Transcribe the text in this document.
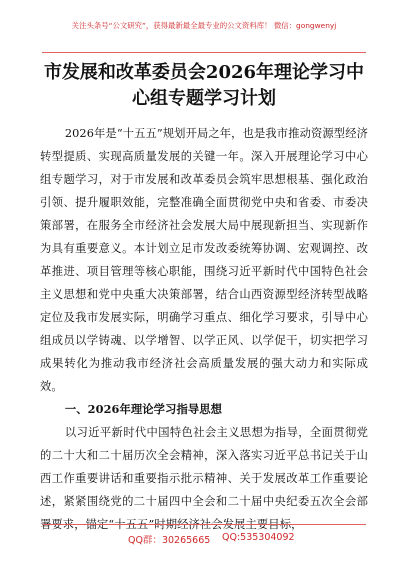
关注头条号“公文研究”，获得最新最全最专业的公文资料库！ 微信：gongwenyj
市发展和改革委员会2026年理论学习中
心组专题学习计划

2026年是“十五五”规划开局之年，也是我市推动资源型经济转型提质、实现高质量发展的关键一年。深入开展理论学习中心组专题学习，对于市发展和改革委员会筑牢思想根基、强化政治引领、提升履职效能，完整准确全面贯彻党中央和省委、市委决策部署，在服务全市经济社会发展大局中展现新担当、实现新作为具有重要意义。本计划立足市发改委统筹协调、宏观调控、改革推进、项目管理等核心职能，围绕习近平新时代中国特色社会主义思想和党中央重大决策部署，结合山西资源型经济转型战略定位及我市发展实际，明确学习重点、细化学习要求，引导中心组成员以学铸魂、以学增智、以学正风、以学促干，切实把学习成果转化为推动我市经济社会高质量发展的强大动力和实际成效。

一、2026年理论学习指导思想

以习近平新时代中国特色社会主义思想为指导，全面贯彻党的二十大和二十届历次全会精神，深入落实习近平总书记关于山西工作重要讲话和重要指示批示精神、关于发展改革工作重要论述，紧紧围绕党的二十届四中全会和二十届中央纪委五次全会部署要求，锚定“十五五”时期经济社会发展主要目标，

QQ群：30265665 QQ:535304092
